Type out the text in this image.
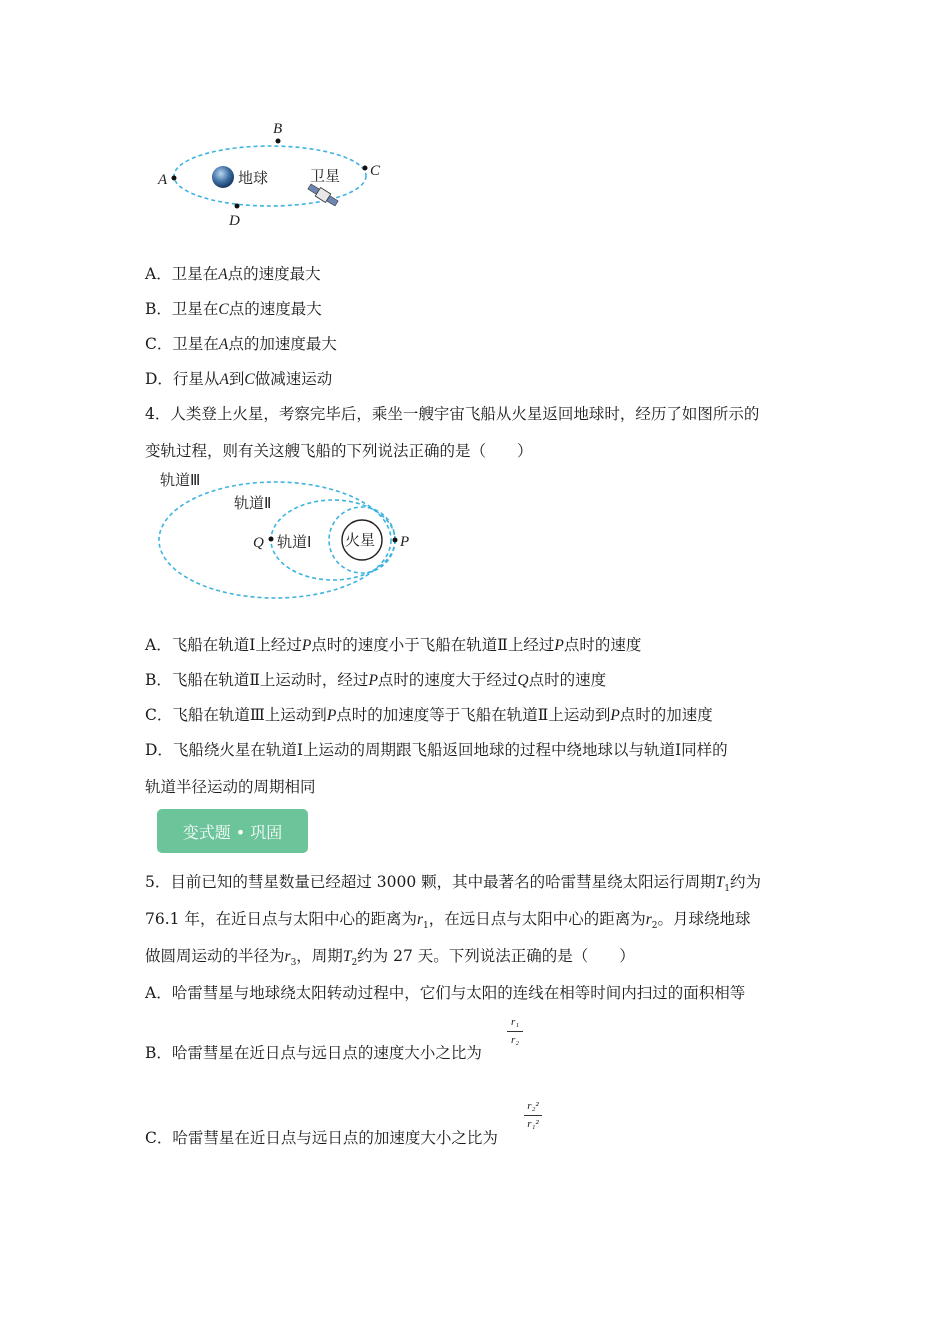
A
B
C
D
地球	卫星
A．卫星在A点的速度最大
B．卫星在C点的速度最大
C．卫星在A点的加速度最大
D．行星从A到C做减速运动
4．人类登上火星，考察完毕后，乘坐一艘宇宙飞船从火星返回地球时，经历了如图所示的
变轨过程，则有关这艘飞船的下列说法正确的是（　　）
火星
Q	P
轨道Ⅲ
轨道Ⅱ
轨道Ⅰ
A．飞船在轨道Ⅰ上经过P点时的速度小于飞船在轨道Ⅱ上经过P点时的速度
B．飞船在轨道Ⅱ上运动时，经过P点时的速度大于经过Q点时的速度
C．飞船在轨道Ⅲ上运动到P点时的加速度等于飞船在轨道Ⅱ上运动到P点时的加速度
D．飞船绕火星在轨道Ⅰ上运动的周期跟飞船返回地球的过程中绕地球以与轨道Ⅰ同样的
轨道半径运动的周期相同
变式题 • 巩固
5．目前已知的彗星数量已经超过 3000 颗，其中最著名的哈雷彗星绕太阳运行周期$T_1$约为
76.1 年，在近日点与太阳中心的距离为$r_1$，在远日点与太阳中心的距离为$r_2$。月球绕地球
做圆周运动的半径为$r_3$，周期$T_2$约为 27 天。下列说法正确的是（　　）
A．哈雷彗星与地球绕太阳转动过程中，它们与太阳的连线在相等时间内扫过的面积相等
B．哈雷彗星在近日点与远日点的速度大小之比为
r₁
r₂
C．哈雷彗星在近日点与远日点的加速度大小之比为
r₂²
r₁²
